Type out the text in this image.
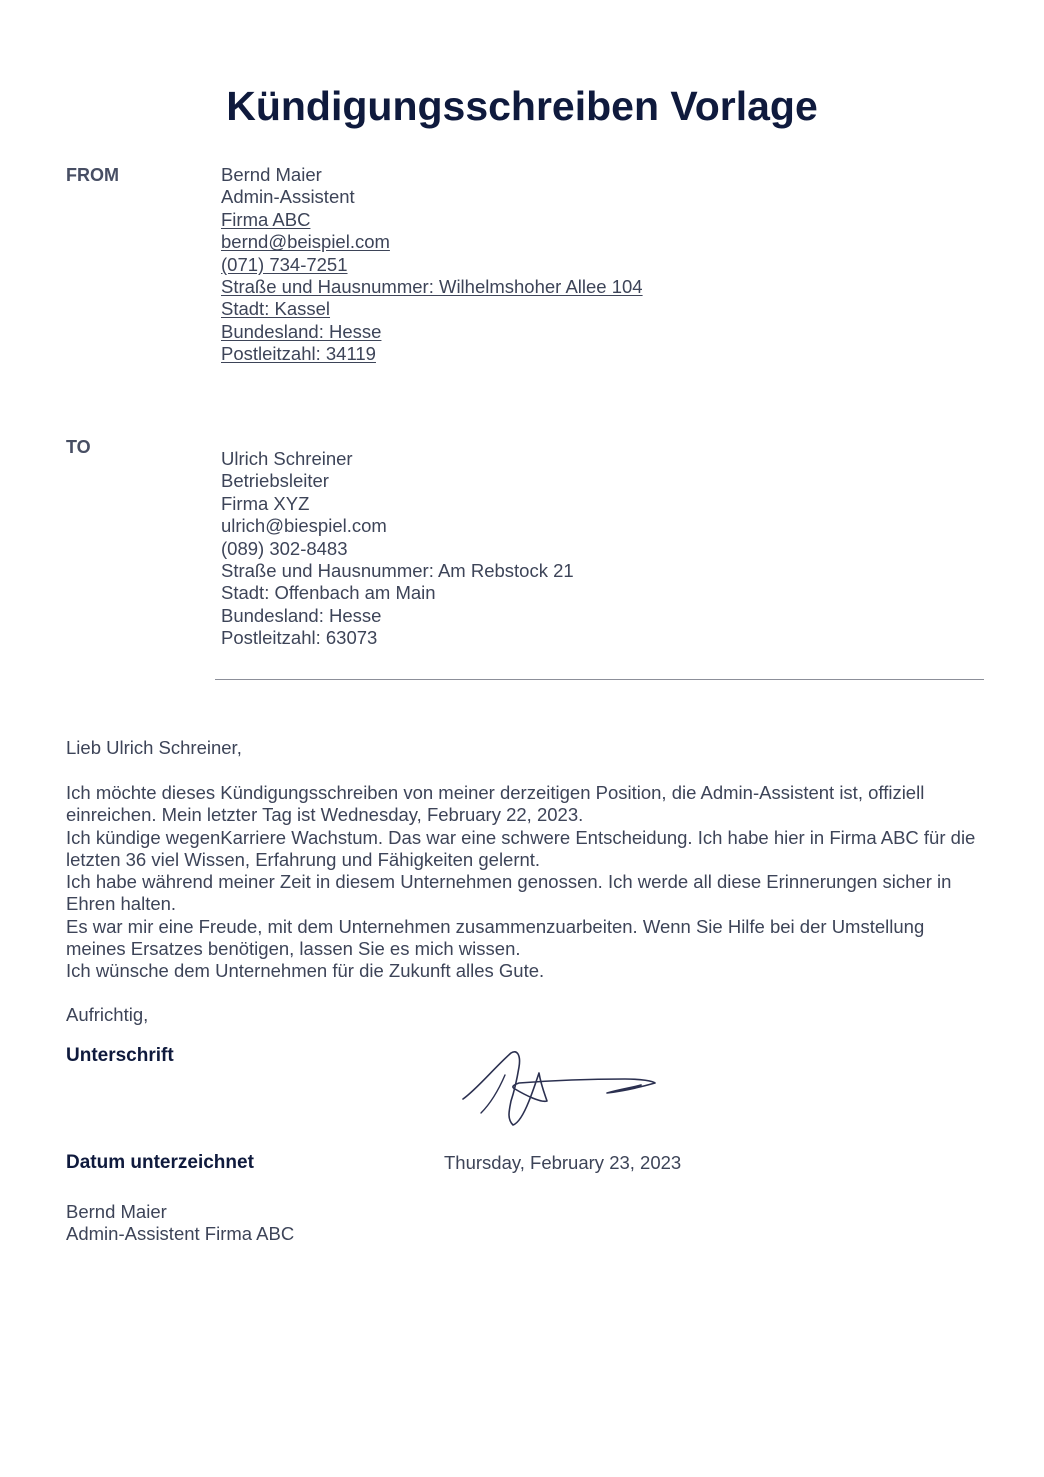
Kündigungsschreiben Vorlage
FROM	Bernd Maier
Admin-Assistent
Firma ABC
bernd@beispiel.com
(071) 734-7251
Straße und Hausnummer: Wilhelmshoher Allee 104
Stadt: Kassel
Bundesland: Hesse
Postleitzahl: 34119
TO
Ulrich Schreiner
Betriebsleiter
Firma XYZ
ulrich@biespiel.com
(089) 302-8483
Straße und Hausnummer: Am Rebstock 21
Stadt: Offenbach am Main
Bundesland: Hesse
Postleitzahl: 63073
Lieb Ulrich Schreiner,
Ich möchte dieses Kündigungsschreiben von meiner derzeitigen Position, die Admin-Assistent ist, offiziell einreichen. Mein letzter Tag ist Wednesday, February 22, 2023.
Ich kündige wegenKarriere Wachstum. Das war eine schwere Entscheidung. Ich habe hier in Firma ABC für die letzten 36 viel Wissen, Erfahrung und Fähigkeiten gelernt.
Ich habe während meiner Zeit in diesem Unternehmen genossen. Ich werde all diese Erinnerungen sicher in Ehren halten.
Es war mir eine Freude, mit dem Unternehmen zusammenzuarbeiten. Wenn Sie Hilfe bei der Umstellung meines Ersatzes benötigen, lassen Sie es mich wissen.
Ich wünsche dem Unternehmen für die Zukunft alles Gute.
Aufrichtig,
Unterschrift
Datum unterzeichnet	Thursday, February 23, 2023
Bernd Maier
Admin-Assistent Firma ABC
